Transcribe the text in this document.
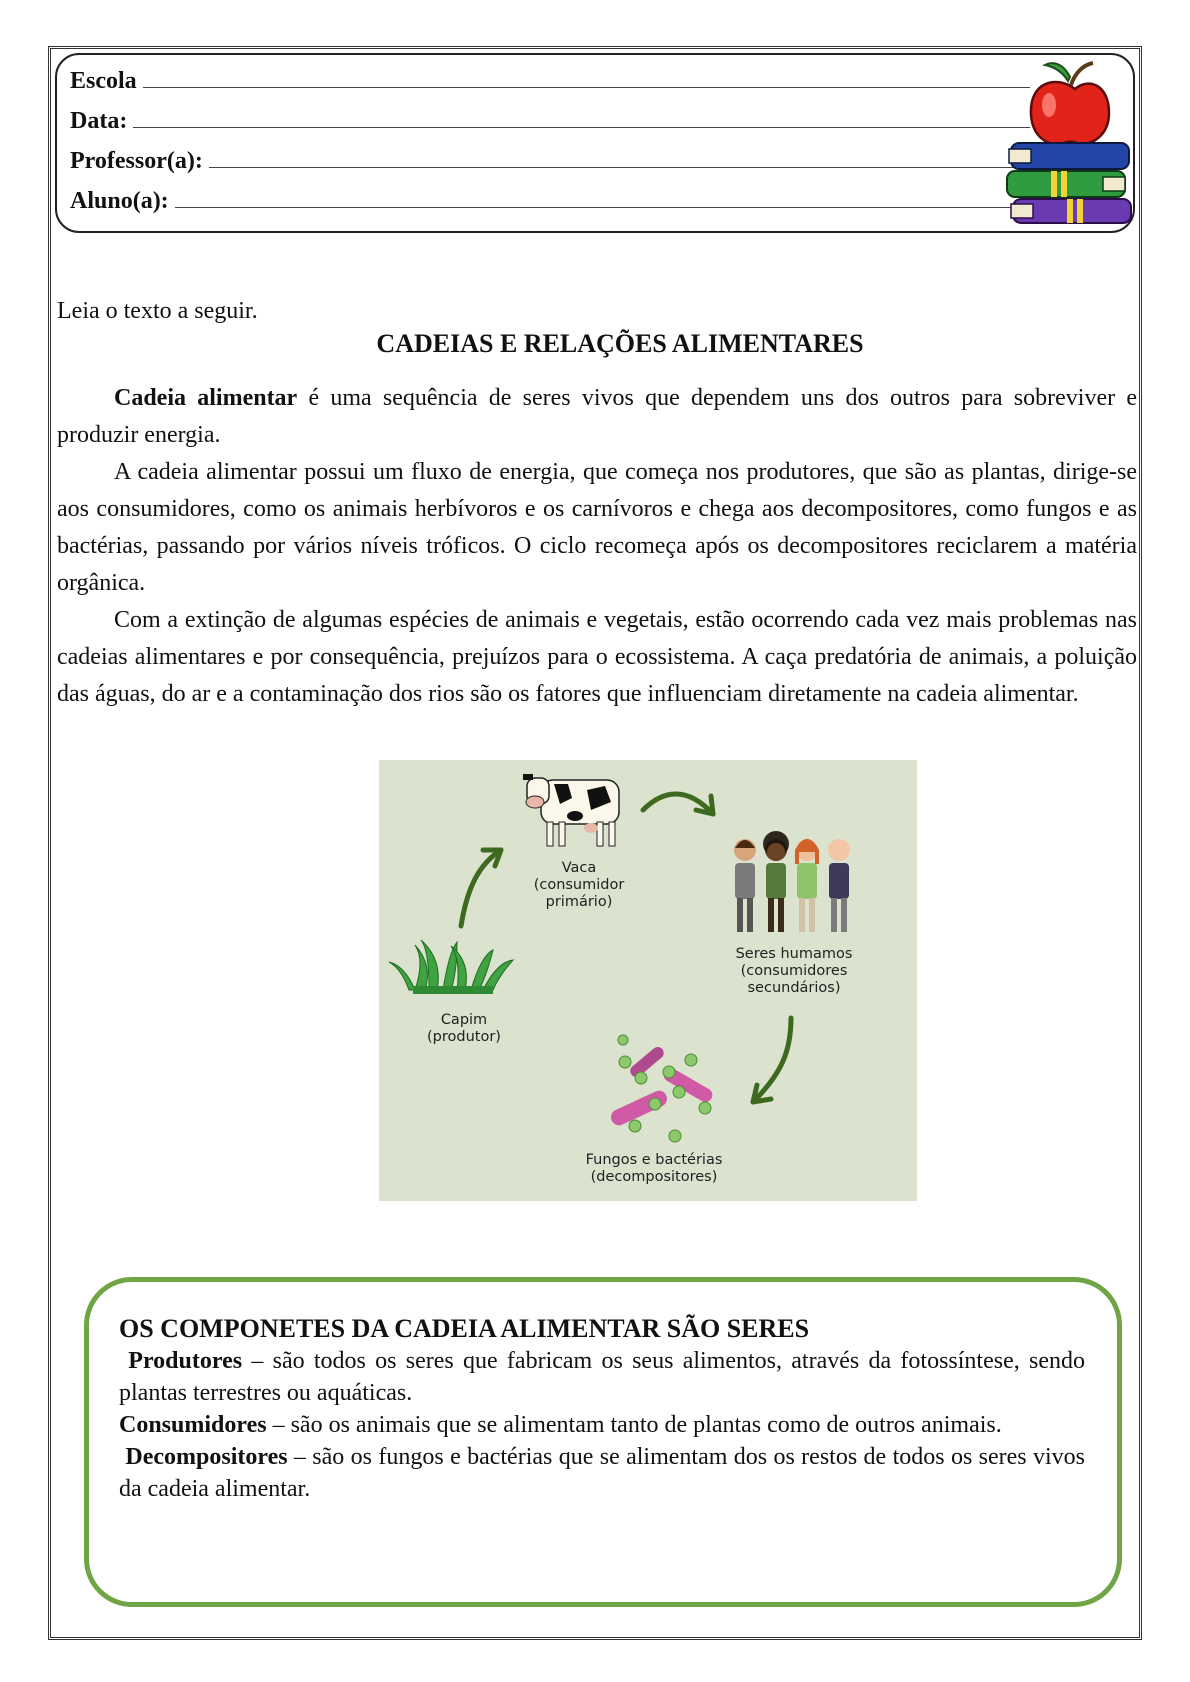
Escola
Data:
Professor(a):
Aluno(a):
Leia o texto a seguir.
CADEIAS E RELAÇÕES ALIMENTARES

Cadeia alimentar é uma sequência de seres vivos que dependem uns dos outros para sobreviver e produzir energia.

A cadeia alimentar possui um fluxo de energia, que começa nos produtores, que são as plantas, dirige-se aos consumidores, como os animais herbívoros e os carnívoros e chega aos decompositores, como fungos e as bactérias, passando por vários níveis tróficos. O ciclo recomeça após os decompositores reciclarem a matéria orgânica.

Com a extinção de algumas espécies de animais e vegetais, estão ocorrendo cada vez mais problemas nas cadeias alimentares e por consequência, prejuízos para o ecossistema. A caça predatória de animais, a poluição das águas, do ar e a contaminação dos rios são os fatores que influenciam diretamente na cadeia alimentar.

Vaca
(consumidor
primário)
Seres humamos
(consumidores
secundários)
Capim
(produtor)
Fungos e bactérias
(decompositores)

OS COMPONETES DA CADEIA ALIMENTAR SÃO SERES

Produtores – são todos os seres que fabricam os seus alimentos, através da fotossíntese, sendo plantas terrestres ou aquáticas.

Consumidores – são os animais que se alimentam tanto de plantas como de outros animais.

Decompositores – são os fungos e bactérias que se alimentam dos os restos de todos os seres vivos da cadeia alimentar.
